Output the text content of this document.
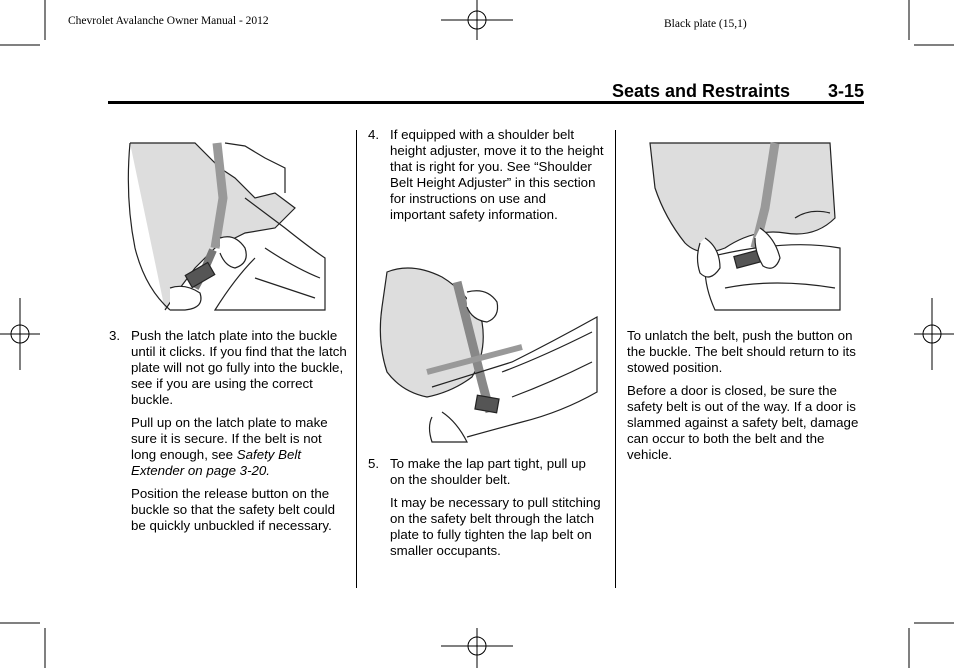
Chevrolet Avalanche Owner Manual - 2012	Black plate (15,1)
Seats and Restraints 3-15

3. Push the latch plate into the buckle until it clicks. If you find that the latch plate will not go fully into the buckle, see if you are using the correct buckle.

Pull up on the latch plate to make sure it is secure. If the belt is not long enough, see Safety Belt Extender on page 3-20.

Position the release button on the buckle so that the safety belt could be quickly unbuckled if necessary.

4. If equipped with a shoulder belt height adjuster, move it to the height that is right for you. See “Shoulder Belt Height Adjuster” in this section for instructions on use and important safety information.

5. To make the lap part tight, pull up on the shoulder belt.

It may be necessary to pull stitching on the safety belt through the latch plate to fully tighten the lap belt on smaller occupants.

To unlatch the belt, push the button on the buckle. The belt should return to its stowed position.

Before a door is closed, be sure the safety belt is out of the way. If a door is slammed against a safety belt, damage can occur to both the belt and the vehicle.
